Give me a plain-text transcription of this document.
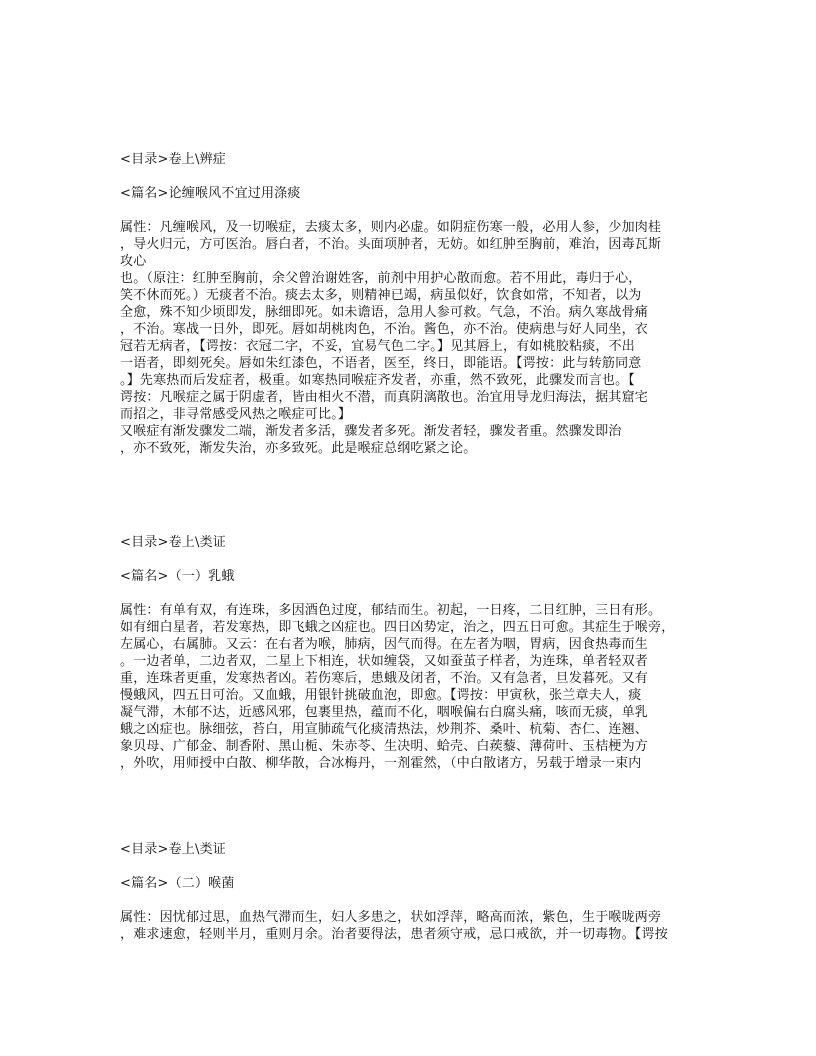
<目录>卷上\辨症
<篇名>论缠喉风不宜过用涤痰
属性：凡缠喉风，及一切喉症，去痰太多，则内必虚。如阴症伤寒一般，必用人参，少加肉桂
，导火归元，方可医治。唇白者，不治。头面项肿者，无妨。如红肿至胸前，难治，因毒瓦斯
攻心
也。（原注：红肿至胸前，余父曾治谢姓客，前剂中用护心散而愈。若不用此，毒归于心，
笑不休而死。）无痰者不治。痰去太多，则精神已竭，病虽似好，饮食如常，不知者，以为
全愈，殊不知少顷即发，脉细即死。如未谵语，急用人参可救。气急，不治。病久寒战骨痛
，不治。寒战一日外，即死。唇如胡桃肉色，不治。酱色，亦不治。使病患与好人同坐，衣
冠若无病者，【谔按：衣冠二字，不妥，宜易气色二字。】见其唇上，有如桃胶粘痰，不出
一语者，即刻死矣。唇如朱红漆色，不语者，医至，终日，即能语。【谔按：此与转筋同意
。】先寒热而后发症者，极重。如寒热同喉症齐发者，亦重，然不致死，此骤发而言也。【
谔按：凡喉症之属于阴虚者，皆由相火不潜，而真阴漓散也。治宜用导龙归海法，据其窟宅
而招之，非寻常感受风热之喉症可比。】
又喉症有渐发骤发二端，渐发者多活，骤发者多死。渐发者轻，骤发者重。然骤发即治
，亦不致死，渐发失治，亦多致死。此是喉症总纲吃紧之论。
<目录>卷上\类证
<篇名>（一）乳蛾
属性：有单有双，有连珠，多因酒色过度，郁结而生。初起，一日疼，二日红肿，三日有形。
如有细白星者，若发寒热，即飞蛾之凶症也。四日凶势定，治之，四五日可愈。其症生于喉旁，
左属心，右属肺。又云：在右者为喉，肺病，因气而得。在左者为咽，胃病，因食热毒而生
。一边者单，二边者双，二星上下相连，状如缠袋，又如蚕茧子样者，为连珠，单者轻双者
重，连珠者更重，发寒热者凶。若伤寒后，患蛾及闭者，不治。又有急者，旦发暮死。又有
慢蛾风，四五日可治。又血蛾，用银针挑破血泡，即愈。【谔按：甲寅秋，张兰章夫人，痰
凝气滞，木郁不达，近感风邪，包裹里热，蕴而不化，咽喉偏右白腐头痛，咳而无痰，单乳
蛾之凶症也。脉细弦，苔白，用宣肺疏气化痰清热法，炒荆芥、桑叶、杭菊、杏仁、连翘、
象贝母、广郁金、制香附、黑山栀、朱赤苓、生决明、蛤壳、白蒺藜、薄荷叶、玉桔梗为方
，外吹，用师授中白散、柳华散，合冰梅丹，一剂霍然，（中白散诸方，另载于增录一束内
<目录>卷上\类证
<篇名>（二）喉菌
属性：因忧郁过思，血热气滞而生，妇人多患之，状如浮萍，略高而浓，紫色，生于喉咙两旁
，难求速愈，轻则半月，重则月余。治者要得法，患者须守戒，忌口戒欲，并一切毒物。【谔按
